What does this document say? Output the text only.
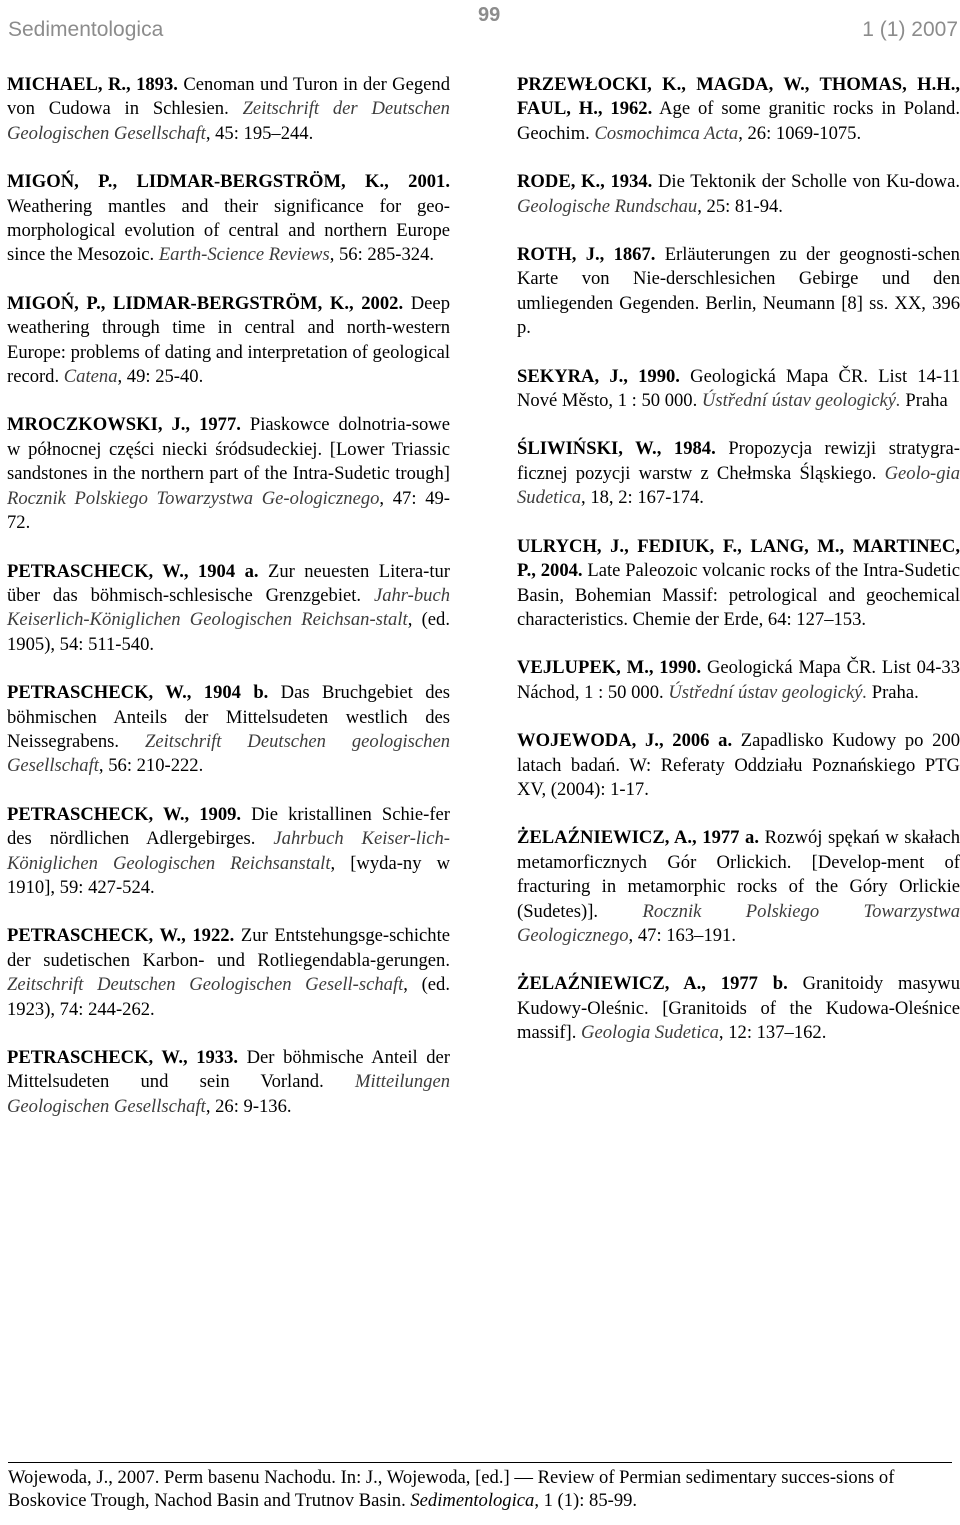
Sedimentologica
99
1 (1) 2007

MICHAEL, R., 1893. Cenoman und Turon in der Gegend von Cudowa in Schlesien. Zeitschrift der Deutschen Geologischen Gesellschaft, 45: 195–244.

MIGOŃ, P., LIDMAR-BERGSTRÖM, K., 2001. Weathering mantles and their significance for geo-morphological evolution of central and northern Europe since the Mesozoic. Earth-Science Reviews, 56: 285-324.

MIGOŃ, P., LIDMAR-BERGSTRÖM, K., 2002. Deep weathering through time in central and north-western Europe: problems of dating and interpretation of geological record. Catena, 49: 25-40.

MROCZKOWSKI, J., 1977. Piaskowce dolnotria-sowe w północnej części niecki śródsudeckiej. [Lower Triassic sandstones in the northern part of the Intra-Sudetic trough] Rocznik Polskiego Towarzystwa Ge-ologicznego, 47: 49-72.

PETRASCHECK, W., 1904 a. Zur neuesten Litera-tur über das böhmisch-schlesische Grenzgebiet. Jahr-buch Keiserlich-Königlichen Geologischen Reichsan-stalt, (ed. 1905), 54: 511-540.

PETRASCHECK, W., 1904 b. Das Bruchgebiet des böhmischen Anteils der Mittelsudeten westlich des Neissegrabens. Zeitschrift Deutschen geologischen Gesellschaft, 56: 210-222.

PETRASCHECK, W., 1909. Die kristallinen Schie-fer des nördlichen Adlergebirges. Jahrbuch Keiser-lich-Königlichen Geologischen Reichsanstalt, [wyda-ny w 1910], 59: 427-524.

PETRASCHECK, W., 1922. Zur Entstehungsge-schichte der sudetischen Karbon- und Rotliegendabla-gerungen. Zeitschrift Deutschen Geologischen Gesell-schaft, (ed. 1923), 74: 244-262.

PETRASCHECK, W., 1933. Der böhmische Anteil der Mittelsudeten und sein Vorland. Mitteilungen Geologischen Gesellschaft, 26: 9-136.

PRZEWŁOCKI, K., MAGDA, W., THOMAS, H.H., FAUL, H., 1962. Age of some granitic rocks in Poland. Geochim. Cosmochimca Acta, 26: 1069-1075.

RODE, K., 1934. Die Tektonik der Scholle von Ku-dowa. Geologische Rundschau, 25: 81-94.

ROTH, J., 1867. Erläuterungen zu der geognosti-schen Karte von Nie-derschlesichen Gebirge und den umliegenden Gegenden. Berlin, Neumann [8] ss. XX, 396 p.

SEKYRA, J., 1990. Geologická Mapa ČR. List 14-11 Nové Město, 1 : 50 000. Ústřední ústav geologický. Praha

ŚLIWIŃSKI, W., 1984. Propozycja rewizji stratygra-ficznej pozycji warstw z Chełmska Śląskiego. Geolo-gia Sudetica, 18, 2: 167-174.

ULRYCH, J., FEDIUK, F., LANG, M., MARTINEC, P., 2004. Late Paleozoic volcanic rocks of the Intra-Sudetic Basin, Bohemian Massif: petrological and geochemical characteristics. Chemie der Erde, 64: 127–153.

VEJLUPEK, M., 1990. Geologická Mapa ČR. List 04-33 Náchod, 1 : 50 000. Ústřední ústav geologický. Praha.

WOJEWODA, J., 2006 a. Zapadlisko Kudowy po 200 latach badań. W: Referaty Oddziału Poznańskiego PTG XV, (2004): 1-17.

ŻELAŹNIEWICZ, A., 1977 a. Rozwój spękań w skałach metamorficznych Gór Orlickich. [Develop-ment of fracturing in metamorphic rocks of the Góry Orlickie (Sudetes)]. Rocznik Polskiego Towarzystwa Geologicznego, 47: 163–191.

ŻELAŹNIEWICZ, A., 1977 b. Granitoidy masywu Kudowy-Oleśnic. [Granitoids of the Kudowa-Oleśnice massif]. Geologia Sudetica, 12: 137–162.

Wojewoda, J., 2007. Perm basenu Nachodu. In: J., Wojewoda, [ed.] — Review of Permian sedimentary succes-sions of Boskovice Trough, Nachod Basin and Trutnov Basin. Sedimentologica, 1 (1): 85-99.
